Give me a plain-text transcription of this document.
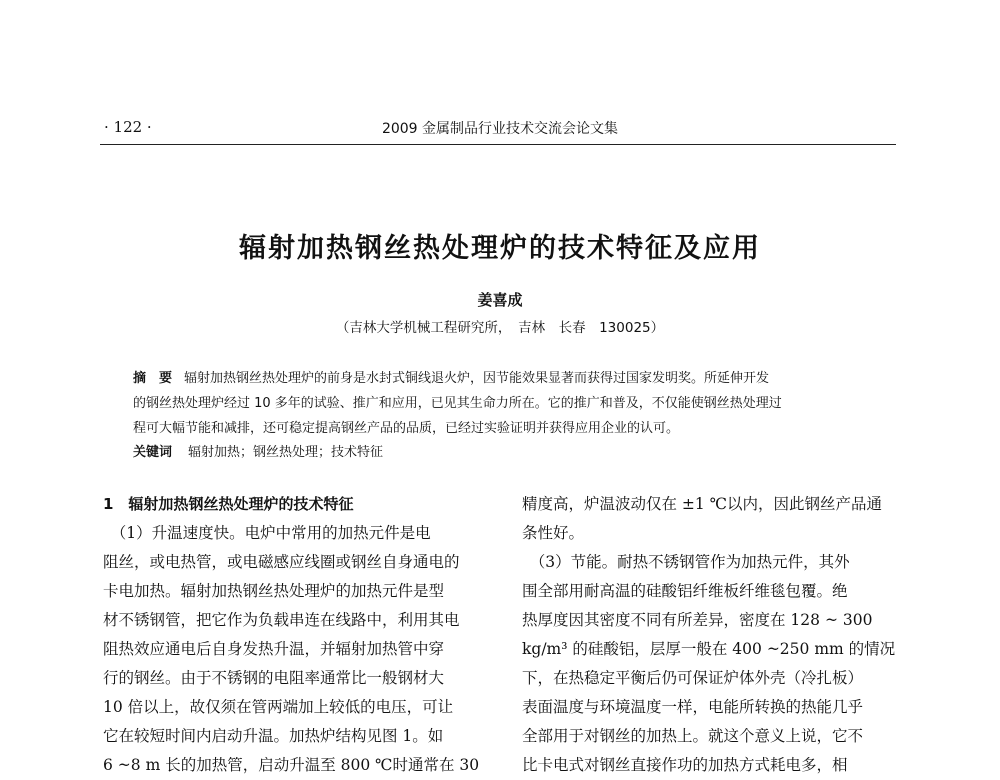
· 122 ·	2009 金属制品行业技术交流会论文集
辐射加热钢丝热处理炉的技术特征及应用
姜喜成
（吉林大学机械工程研究所，　吉林　长春　130025）
摘　要 辐射加热钢丝热处理炉的前身是水封式铜线退火炉，因节能效果显著而获得过国家发明奖。所延伸开发
的钢丝热处理炉经过 10 多年的试验、推广和应用，已见其生命力所在。它的推广和普及，不仅能使钢丝热处理过
程可大幅节能和减排，还可稳定提高钢丝产品的品质，已经过实验证明并获得应用企业的认可。
关键词 辐射加热；钢丝热处理；技术特征
1　辐射加热钢丝热处理炉的技术特征
　（1）升温速度快。电炉中常用的加热元件是电
阻丝，或电热管，或电磁感应线圈或钢丝自身通电的
卡电加热。辐射加热钢丝热处理炉的加热元件是型
材不锈钢管，把它作为负载串连在线路中，利用其电
阻热效应通电后自身发热升温，并辐射加热管中穿
行的钢丝。由于不锈钢的电阻率通常比一般钢材大
10 倍以上，故仅须在管两端加上较低的电压，可让
它在较短时间内启动升温。加热炉结构见图 1。如
6 ~8 m 长的加热管，启动升温至 800 ℃时通常在 30
精度高，炉温波动仅在 ±1 ℃以内，因此钢丝产品通
条性好。
　（3）节能。耐热不锈钢管作为加热元件，其外
围全部用耐高温的硅酸铝纤维板纤维毯包覆。绝
热厚度因其密度不同有所差异，密度在 128 ~ 300
kg/m³ 的硅酸铝，层厚一般在 400 ~250 mm 的情况
下，在热稳定平衡后仍可保证炉体外壳（冷扎板）
表面温度与环境温度一样，电能所转换的热能几乎
全部用于对钢丝的加热上。就这个意义上说，它不
比卡电式对钢丝直接作功的加热方式耗电多，相
